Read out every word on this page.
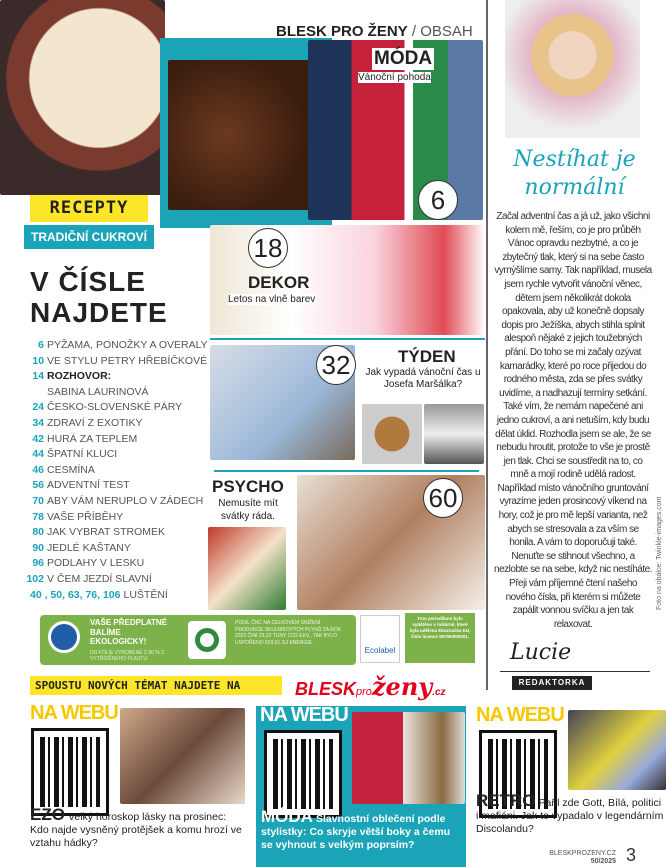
RECEPTY
TRADIČNÍ CUKROVÍ
BLESK PRO ŽENY / OBSAH
MÓDA
Vánoční pohoda
6
18
DEKOR
Letos na vlně barev
32	TÝDEN
Jak vypadá vánoční čas u Josefa Maršálka?
PSYCHO
Nemusíte mít svátky ráda.
60
V ČÍSLE
NAJDETE
6 PYŽAMA, PONOŽKY A OVERALY
10 VE STYLU PETRY HŘEBÍČKOVÉ
14 ROZHOVOR:
SABINA LAURINOVÁ
24 ČESKO-SLOVENSKÉ PÁRY
34 ZDRAVÍ Z EXOTIKY
42 HURÁ ZA TEPLEM
44 ŠPATNÍ KLUCI
46 CESMÍNA
56 ADVENTNÍ TEST
70 ABY VÁM NERUPLO V ZÁDECH
78 VAŠE PŘÍBĚHY
80 JAK VYBRAT STROMEK
90 JEDLÉ KAŠTANY
96 PODLAHY V LESKU
102 V ČEM JEZDÍ SLAVNÍ
40 , 50, 63, 76, 106 LUŠTĚNÍ
Nestíhat je
normální
Začal adventní čas a já už, jako všichni kolem mě, řeším, co je pro průběh Vánoc opravdu nezbytné, a co je zbytečný tlak, který si na sebe často vymýšlíme samy. Tak například, musela jsem rychle vytvořit vánoční věnec, dětem jsem několikrát dokola opakovala, aby už konečně dopsaly dopis pro Ježíška, abych stihla splnit alespoň nějaké z jejich toužebných přání. Do toho se mi začaly ozývat kamarádky, které po roce přijedou do rodného města, zda se přes svátky uvidíme, a nadhazují termíny setkání. Také vím, že nemám napečené ani jedno cukroví, a ani netuším, kdy budu dělat úklid. Rozhodla jsem se ale, že se nebudu hroutit, protože to vše je prostě jen tlak. Chci se soustředit na to, co mně a mojí rodině udělá radost. Například místo vánočního gruntování vyrazíme jeden prosincový víkend na hory, což je pro mě lepší varianta, než abych se stresovala a za vším se honila. A vám to doporučuji také. Nenuťte se stihnout všechno, a nezlobte se na sebe, když nic nestíháte. Přeji vám příjemné čtení našeho nového čísla, při kterém si můžete zapálit vonnou svíčku a jen tak relaxovat.
Foto na obálce: Twinkle-images.com
Lucie
REDAKTORKA
VAŠE PŘEDPLATNÉ BALÍME EKOLOGICKY!
DO FÓLIE VYROBENÉ Z 80 % Z VYTŘÍDĚNÉHO PLASTU
PODÍL ČNC NA CELKOVÉM SNÍŽENÍ PRODUKCE SKLENÍKOVÝCH PLYNŮ ZA ROK 2022 ČINÍ 23,23 TUNY CO2 EKV., TAK BYLO USPOŘENO 629,51 GJ ENERGIE.
Ecolabel
Toto periodikum bylo vytištěno v tiskárně, které byla udělena Ekoznačka EU, číslo licence SK/053/00001.
SPOUSTU NOVÝCH TÉMAT NAJDETE NA	BLESKproženy.cz
NA WEBU
EZO Velký horoskop lásky na prosinec: Kdo najde vysněný protějšek a komu hrozí ve vztahu hádky?
NA WEBU
MÓDA Slavnostní oblečení podle stylistky: Co skryje větší boky a čemu se vyhnout s velkým poprsím?
NA WEBU
RETRO Pařil zde Gott, Bílá, politici i mafiáni. Jak to vypadalo v legendárním Discolandu?
BLESKPROZENY.CZ
50/2025 3
